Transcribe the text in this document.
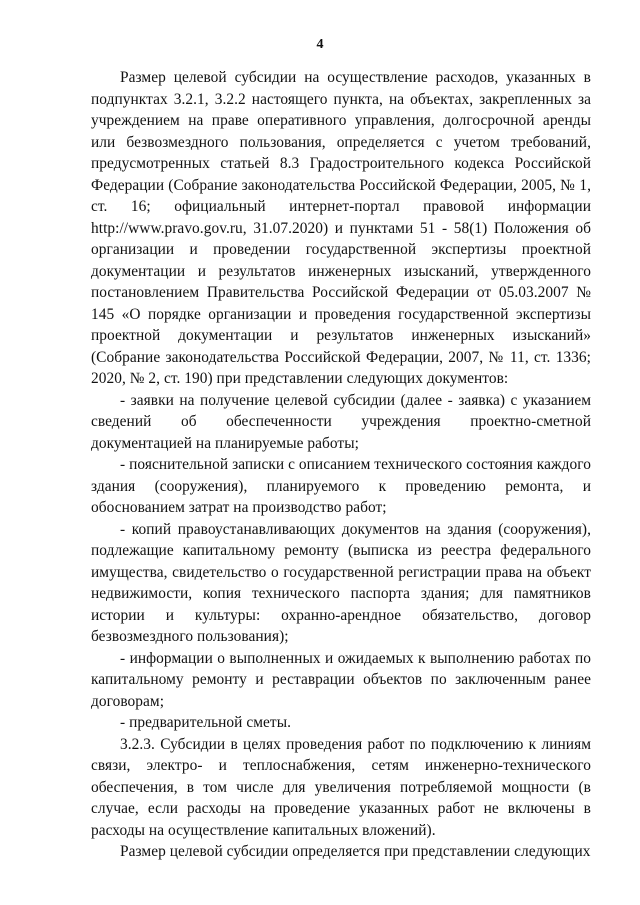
4

Размер целевой субсидии на осуществление расходов, указанных в подпунктах 3.2.1, 3.2.2 настоящего пункта, на объектах, закрепленных за учреждением на праве оперативного управления, долгосрочной аренды или безвозмездного пользования, определяется с учетом требований, предусмотренных статьей 8.3 Градостроительного кодекса Российской Федерации (Собрание законодательства Российской Федерации, 2005, № 1, ст. 16; официальный интернет-портал правовой информации http://www.pravo.gov.ru, 31.07.2020) и пунктами 51 - 58(1) Положения об организации и проведении государственной экспертизы проектной документации и результатов инженерных изысканий, утвержденного постановлением Правительства Российской Федерации от 05.03.2007 № 145 «О порядке организации и проведения государственной экспертизы проектной документации и результатов инженерных изысканий» (Собрание законодательства Российской Федерации, 2007, № 11, ст. 1336; 2020, № 2, ст. 190) при представлении следующих документов:

- заявки на получение целевой субсидии (далее - заявка) с указанием сведений об обеспеченности учреждения проектно-сметной документацией на планируемые работы;

- пояснительной записки с описанием технического состояния каждого здания (сооружения), планируемого к проведению ремонта, и обоснованием затрат на производство работ;

- копий правоустанавливающих документов на здания (сооружения), подлежащие капитальному ремонту (выписка из реестра федерального имущества, свидетельство о государственной регистрации права на объект недвижимости, копия технического паспорта здания; для памятников истории и культуры: охранно-арендное обязательство, договор безвозмездного пользования);

- информации о выполненных и ожидаемых к выполнению работах по капитальному ремонту и реставрации объектов по заключенным ранее договорам;

- предварительной сметы.

3.2.3. Субсидии в целях проведения работ по подключению к линиям связи, электро- и теплоснабжения, сетям инженерно-технического обеспечения, в том числе для увеличения потребляемой мощности (в случае, если расходы на проведение указанных работ не включены в расходы на осуществление капитальных вложений).

Размер целевой субсидии определяется при представлении следующих
